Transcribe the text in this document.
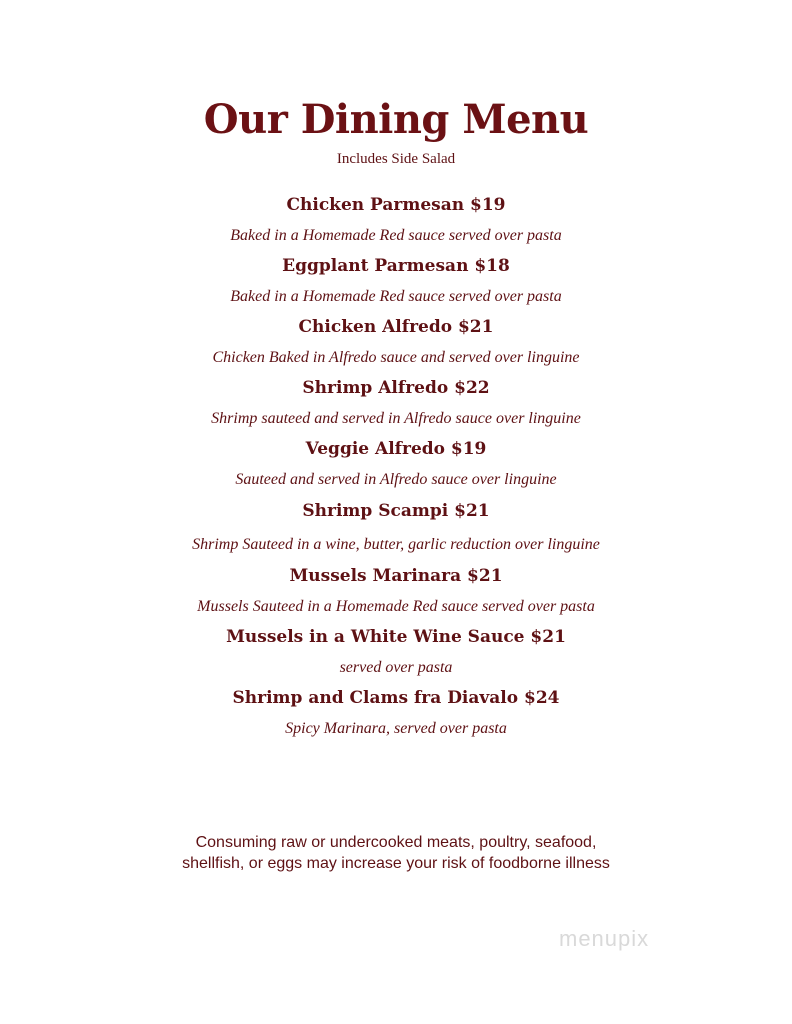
Our Dining Menu
Includes Side Salad
Chicken Parmesan $19
Baked in a Homemade Red sauce served over pasta
Eggplant Parmesan $18
Baked in a Homemade Red sauce served over pasta
Chicken Alfredo $21
Chicken Baked in Alfredo sauce and served over linguine
Shrimp Alfredo $22
Shrimp sauteed and served in Alfredo sauce over linguine
Veggie Alfredo $19
Sauteed and served in Alfredo sauce over linguine
Shrimp Scampi $21
Shrimp Sauteed in a wine, butter, garlic reduction over linguine
Mussels Marinara $21
Mussels Sauteed in a Homemade Red sauce served over pasta
Mussels in a White Wine Sauce $21
served over pasta
Shrimp and Clams fra Diavalo $24
Spicy Marinara, served over pasta
Consuming raw or undercooked meats, poultry, seafood,
shellfish, or eggs may increase your risk of foodborne illness
menupix
